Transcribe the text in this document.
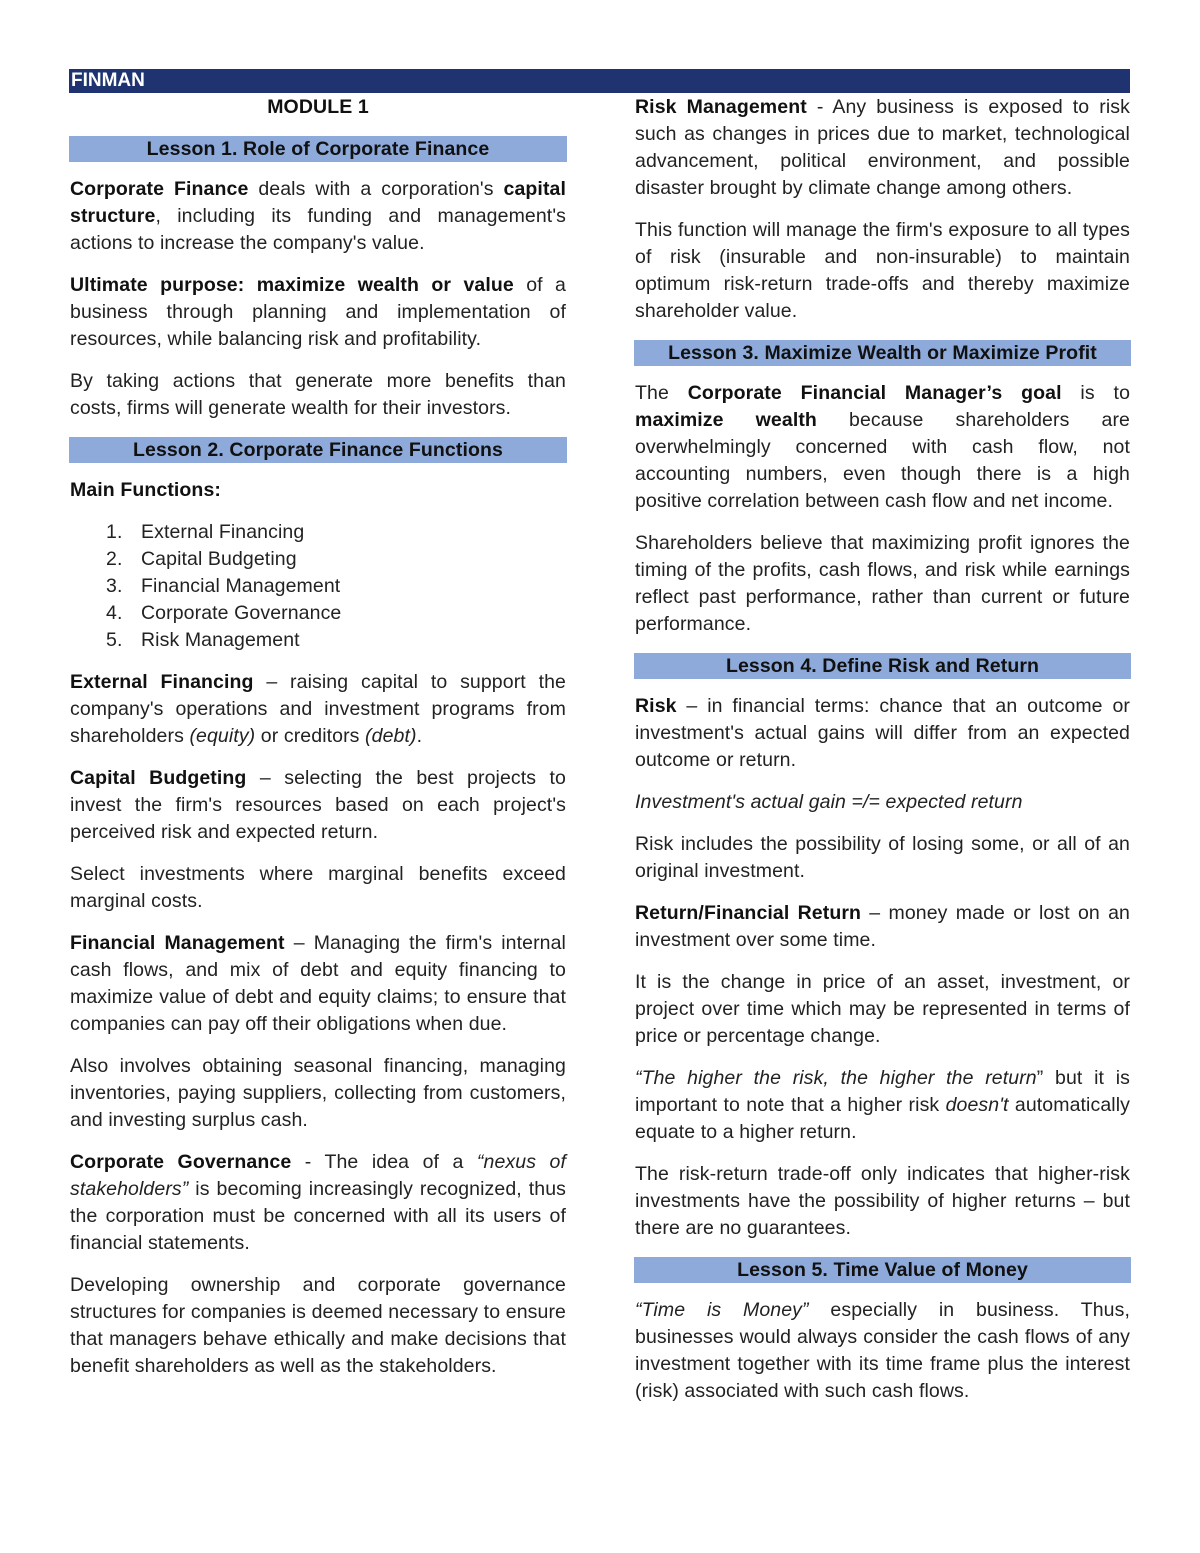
FINMAN
MODULE 1
Lesson 1. Role of Corporate Finance

Corporate Finance deals with a corporation's capital structure, including its funding and management's actions to increase the company's value.

Ultimate purpose: maximize wealth or value of a business through planning and implementation of resources, while balancing risk and profitability.

By taking actions that generate more benefits than costs, firms will generate wealth for their investors.

Lesson 2. Corporate Finance Functions

Main Functions:

1. External Financing
2. Capital Budgeting
3. Financial Management
4. Corporate Governance
5. Risk Management

External Financing – raising capital to support the company's operations and investment programs from shareholders (equity) or creditors (debt).

Capital Budgeting – selecting the best projects to invest the firm's resources based on each project's perceived risk and expected return.

Select investments where marginal benefits exceed marginal costs.

Financial Management – Managing the firm's internal cash flows, and mix of debt and equity financing to maximize value of debt and equity claims; to ensure that companies can pay off their obligations when due.

Also involves obtaining seasonal financing, managing inventories, paying suppliers, collecting from customers, and investing surplus cash.

Corporate Governance - The idea of a “nexus of stakeholders” is becoming increasingly recognized, thus the corporation must be concerned with all its users of financial statements.

Developing ownership and corporate governance structures for companies is deemed necessary to ensure that managers behave ethically and make decisions that benefit shareholders as well as the stakeholders.

Risk Management - Any business is exposed to risk such as changes in prices due to market, technological advancement, political environment, and possible disaster brought by climate change among others.

This function will manage the firm's exposure to all types of risk (insurable and non-insurable) to maintain optimum risk-return trade-offs and thereby maximize shareholder value.

Lesson 3. Maximize Wealth or Maximize Profit

The Corporate Financial Manager’s goal is to maximize wealth because shareholders are overwhelmingly concerned with cash flow, not accounting numbers, even though there is a high positive correlation between cash flow and net income.

Shareholders believe that maximizing profit ignores the timing of the profits, cash flows, and risk while earnings reflect past performance, rather than current or future performance.

Lesson 4. Define Risk and Return

Risk – in financial terms: chance that an outcome or investment's actual gains will differ from an expected outcome or return.

Investment's actual gain =/= expected return

Risk includes the possibility of losing some, or all of an original investment.

Return/Financial Return – money made or lost on an investment over some time.

It is the change in price of an asset, investment, or project over time which may be represented in terms of price or percentage change.

“The higher the risk, the higher the return” but it is important to note that a higher risk doesn't automatically equate to a higher return.

The risk-return trade-off only indicates that higher-risk investments have the possibility of higher returns – but there are no guarantees.

Lesson 5. Time Value of Money

“Time is Money” especially in business. Thus, businesses would always consider the cash flows of any investment together with its time frame plus the interest (risk) associated with such cash flows.
